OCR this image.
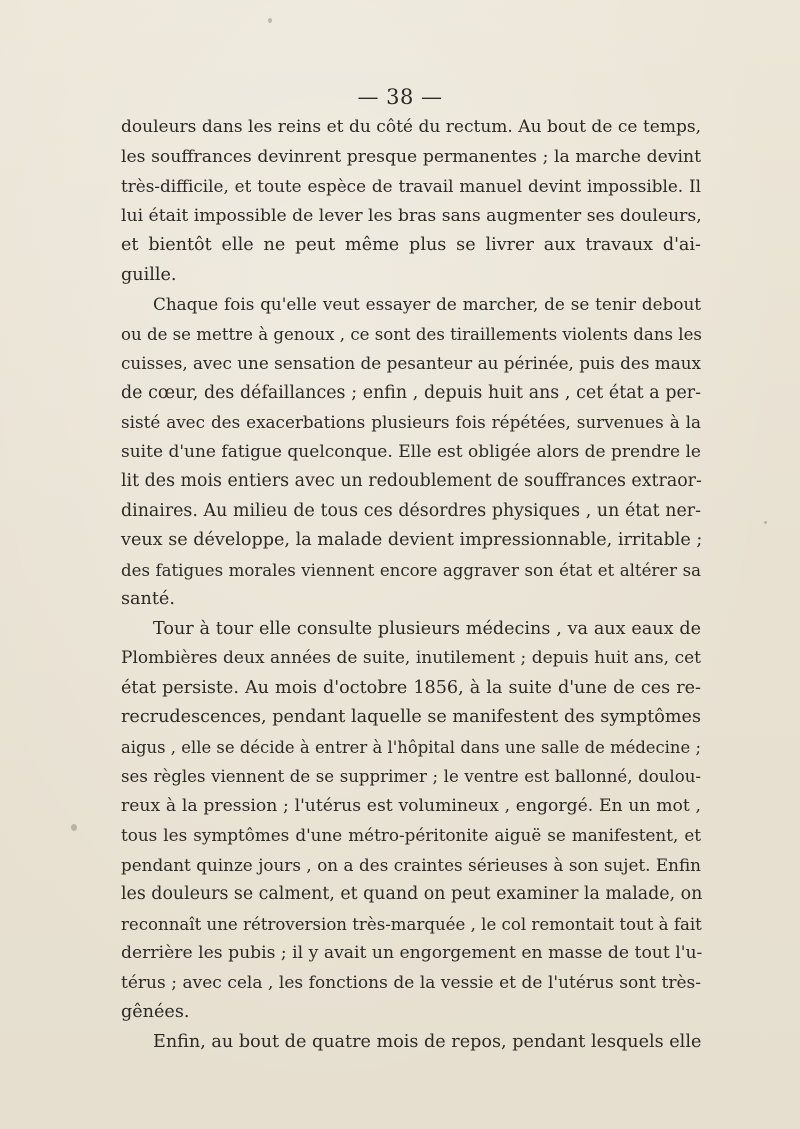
— 38 —
douleurs dans les reins et du côté du rectum. Au bout de ce temps,
les souffrances devinrent presque permanentes ; la marche devint
très-difficile, et toute espèce de travail manuel devint impossible. Il
lui était impossible de lever les bras sans augmenter ses douleurs,
et bientôt elle ne peut même plus se livrer aux travaux d'ai-
guille.
Chaque fois qu'elle veut essayer de marcher, de se tenir debout
ou de se mettre à genoux , ce sont des tiraillements violents dans les
cuisses, avec une sensation de pesanteur au périnée, puis des maux
de cœur, des défaillances ; enfin , depuis huit ans , cet état a per-
sisté avec des exacerbations plusieurs fois répétées, survenues à la
suite d'une fatigue quelconque. Elle est obligée alors de prendre le
lit des mois entiers avec un redoublement de souffrances extraor-
dinaires. Au milieu de tous ces désordres physiques , un état ner-
veux se développe, la malade devient impressionnable, irritable ;
des fatigues morales viennent encore aggraver son état et altérer sa
santé.
Tour à tour elle consulte plusieurs médecins , va aux eaux de
Plombières deux années de suite, inutilement ; depuis huit ans, cet
état persiste. Au mois d'octobre 1856, à la suite d'une de ces re-
recrudescences, pendant laquelle se manifestent des symptômes
aigus , elle se décide à entrer à l'hôpital dans une salle de médecine ;
ses règles viennent de se supprimer ; le ventre est ballonné, doulou-
reux à la pression ; l'utérus est volumineux , engorgé. En un mot ,
tous les symptômes d'une métro-péritonite aiguë se manifestent, et
pendant quinze jours , on a des craintes sérieuses à son sujet. Enfin
les douleurs se calment, et quand on peut examiner la malade, on
reconnaît une rétroversion très-marquée , le col remontait tout à fait
derrière les pubis ; il y avait un engorgement en masse de tout l'u-
térus ; avec cela , les fonctions de la vessie et de l'utérus sont très-
gênées.
Enfin, au bout de quatre mois de repos, pendant lesquels elle
